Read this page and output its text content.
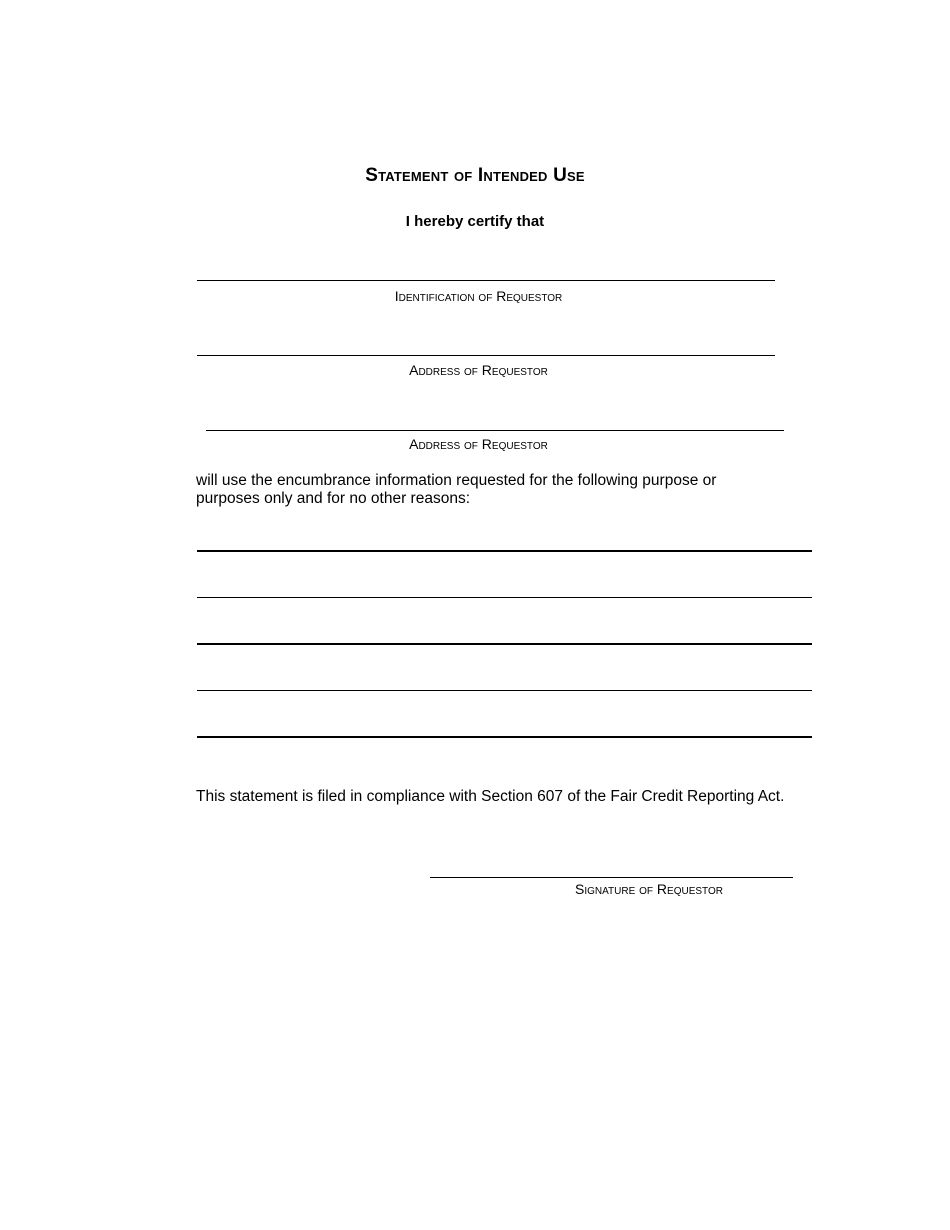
Statement of Intended Use
I hereby certify that
Identification of Requestor
Address of Requestor
Address of Requestor
will use the encumbrance information requested for the following purpose or
purposes only and for no other reasons:
This statement is filed in compliance with Section 607 of the Fair Credit Reporting Act.
Signature of Requestor
